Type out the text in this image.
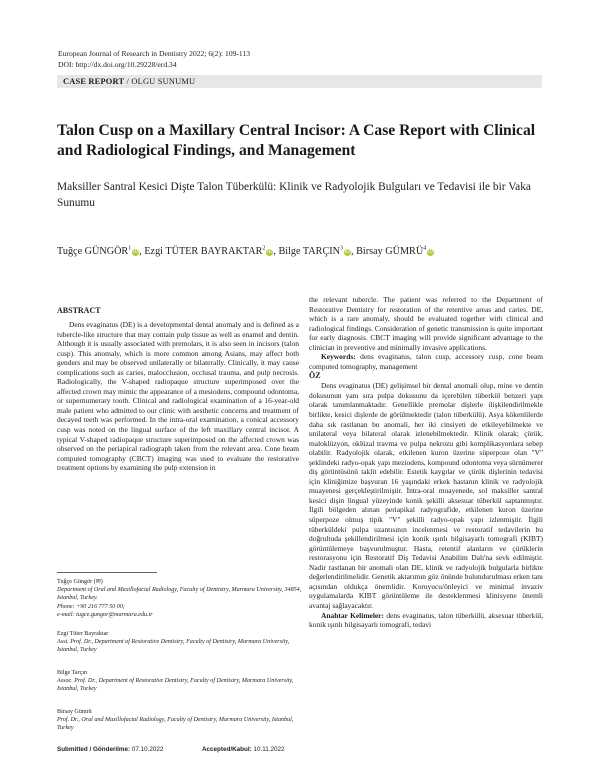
European Journal of Research in Dentistry 2022; 6(2): 109-113
DOI: http://dx.doi.org/10.29228/erd.34
CASE REPORT / OLGU SUNUMU
Talon Cusp on a Maxillary Central Incisor: A Case Report with Clinical and Radiological Findings, and Management
Maksiller Santral Kesici Dişte Talon Tüberkülü: Klinik ve Radyolojik Bulguları ve Tedavisi ile bir Vaka Sunumu
Tuğçe GÜNGÖR$^1$iD, Ezgi TÜTER BAYRAKTAR$^2$iD, Bilge TARÇIN$^3$iD, Birsay GÜMRÜ$^4$iD

ABSTRACT

Dens evaginatus (DE) is a developmental dental anomaly and is defined as a tubercle-like structure that may contain pulp tissue as well as enamel and dentin. Although it is usually associated with premolars, it is also seen in incisors (talon cusp). This anomaly, which is more common among Asians, may affect both genders and may be observed unilaterally or bilaterally. Clinically, it may cause complications such as caries, malocclusion, occlusal trauma, and pulp necrosis. Radiologically, the V-shaped radiopaque structure superimposed over the affected crown may mimic the appearance of a mesiodens, compound odontoma, or supernumerary tooth. Clinical and radiological examination of a 16-year-old male patient who admitted to our clinic with aesthetic concerns and treatment of decayed teeth was performed. In the intra-oral examination, a conical accessory cusp was noted on the lingual surface of the left maxillary central incisor. A typical V-shaped radiopaque structure superimposed on the affected crown was observed on the periapical radiograph taken from the relevant area. Cone beam computed tomography (CBCT) imaging was used to evaluate the restorative treatment options by examining the pulp extension in

Tuğçe Güngör (✉)
Department of Oral and Maxillofacial Radiology, Faculty of Dentistry, Marmara University, 34854, Istanbul, Turkey.
Phone: +90 216 777 50 00;
e-mail: tugce.gungor@marmara.edu.tr
Ezgi Tüter Bayraktar
Asst. Prof. Dr., Department of Restorative Dentistry, Faculty of Dentistry, Marmara University, Istanbul, Turkey
Bilge Tarçın
Assoc. Prof. Dr., Department of Restorative Dentistry, Faculty of Dentistry, Marmara University, Istanbul, Turkey
Birsay Gümrü
Prof. Dr., Oral and Maxillofacial Radiology, Faculty of Dentistry, Marmara University, Istanbul, Turkey
Submitted / Gönderilme: 07.10.2022	Accepted/Kabul: 10.11.2022

the relevant tubercle. The patient was referred to the Department of Restorative Dentistry for restoration of the retentive areas and caries. DE, which is a rare anomaly, should be evaluated together with clinical and radiological findings. Consideration of genetic transmission is quite important for early diagnosis. CBCT imaging will provide significant advantage to the clinician in preventive and minimally invasive applications.

Keywords: dens evaginatus, talon cusp, accessory cusp, cone beam computed tomography, management

ÖZ

Dens evaginatus (DE) gelişimsel bir dental anomali olup, mine ve dentin dokusunun yanı sıra pulpa dokusunu da içerebilen tüberkül benzeri yapı olarak tanımlanmaktadır. Genellikle premolar dişlerle ilişkilendirilmekle birlikte, kesici dişlerde de görülmektedir (talon tüberkülü). Asya kökenlilerde daha sık rastlanan bu anomali, her iki cinsiyeti de etkileyebilmekte ve unilateral veya bilateral olarak izlenebilmektedir. Klinik olarak; çürük, maloklüzyon, oklüzal travma ve pulpa nekrozu gibi komplikasyonlara sebep olabilir. Radyolojik olarak, etkilenen kuron üzerine süperpoze olan "V" şeklindeki radyo-opak yapı meziodens, kompound odontoma veya sürnümerer diş görüntüsünü taklit edebilir. Estetik kaygılar ve çürük dişlerinin tedavisi için kliniğimize başvuran 16 yaşındaki erkek hastanın klinik ve radyolojik muayenesi gerçekleştirilmiştir. İntra-oral muayenede, sol maksiller santral kesici dişin lingual yüzeyinde konik şekilli aksesuar tüberkül saptanmıştır. İlgili bölgeden alınan periapikal radyografide, etkilenen kuron üzerine süperpoze olmuş tipik "V" şekilli radyo-opak yapı izlenmiştir. İlgili tüberküldeki pulpa uzantısının incelenmesi ve restoratif tedavilerin bu doğrultuda şekillendirilmesi için konik ışınlı bilgisayarlı tomografi (KIBT) görüntülemeye başvurulmuştur. Hasta, retentif alanların ve çürüklerin restorasyonu için Restoratif Diş Tedavisi Anabilim Dalı'na sevk edilmiştir. Nadir rastlanan bir anomali olan DE, klinik ve radyolojik bulgularla birlikte değerlendirilmelidir. Genetik aktarımın göz önünde bulundurulması erken tanı açısından oldukça önemlidir. Koruyucu/önleyici ve minimal invaziv uygulamalarda KIBT görüntüleme ile desteklenmesi klinisyene önemli avantaj sağlayacaktır.

Anahtar Kelimeler: dens evaginatus, talon tüberkülü, aksesuar tüberkül, konik ışınlı bilgisayarlı tomografi, tedavi
